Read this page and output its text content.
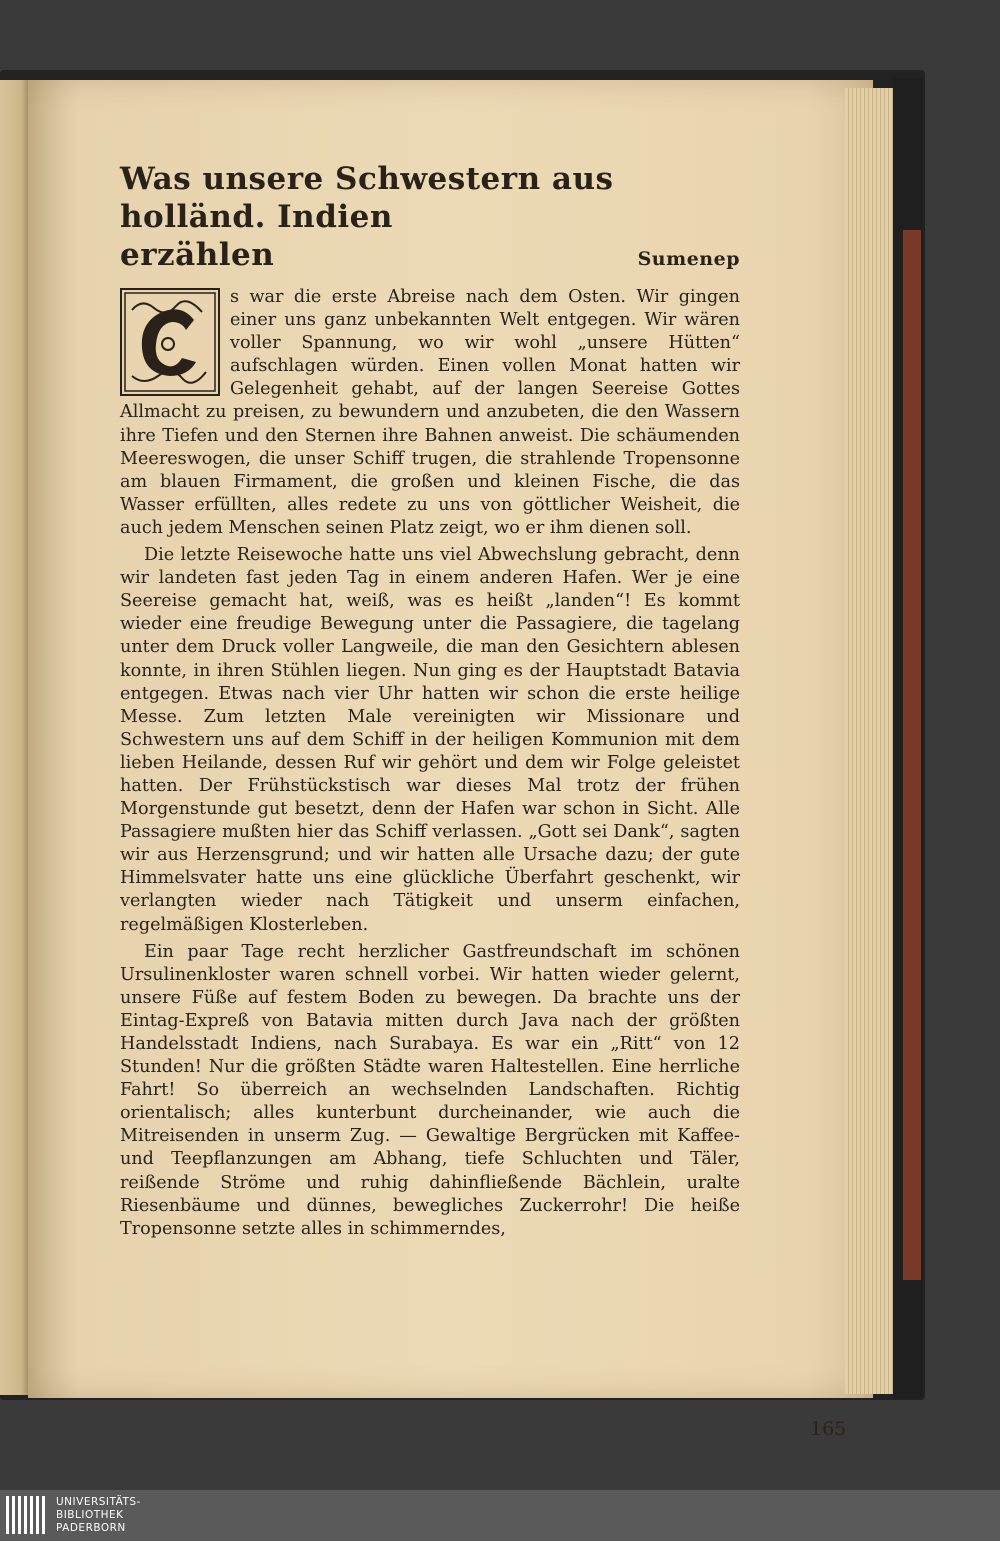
Was unsere Schwestern aus holländ. Indien
erzählen	Sumenep

s war die erste Abreise nach dem Osten. Wir gingen einer uns ganz unbekannten Welt entgegen. Wir wären voller Spannung, wo wir wohl „unsere Hütten“ aufschlagen würden. Einen vollen Monat hatten wir Gelegenheit gehabt, auf der langen Seereise Gottes Allmacht zu preisen, zu bewundern und anzubeten, die den Wassern ihre Tiefen und den Sternen ihre Bahnen anweist. Die schäumenden Meereswogen, die unser Schiff trugen, die strahlende Tropensonne am blauen Firmament, die großen und kleinen Fische, die das Wasser erfüllten, alles redete zu uns von göttlicher Weisheit, die auch jedem Menschen seinen Platz zeigt, wo er ihm dienen soll.

Die letzte Reisewoche hatte uns viel Abwechslung gebracht, denn wir landeten fast jeden Tag in einem anderen Hafen. Wer je eine Seereise gemacht hat, weiß, was es heißt „landen“! Es kommt wieder eine freudige Bewegung unter die Passagiere, die tagelang unter dem Druck voller Langweile, die man den Gesichtern ablesen konnte, in ihren Stühlen liegen. Nun ging es der Hauptstadt Batavia entgegen. Etwas nach vier Uhr hatten wir schon die erste heilige Messe. Zum letzten Male vereinigten wir Missionare und Schwestern uns auf dem Schiff in der heiligen Kommunion mit dem lieben Heilande, dessen Ruf wir gehört und dem wir Folge geleistet hatten. Der Frühstückstisch war dieses Mal trotz der frühen Morgenstunde gut besetzt, denn der Hafen war schon in Sicht. Alle Passagiere mußten hier das Schiff verlassen. „Gott sei Dank“, sagten wir aus Herzensgrund; und wir hatten alle Ursache dazu; der gute Himmelsvater hatte uns eine glückliche Überfahrt geschenkt, wir verlangten wieder nach Tätigkeit und unserm einfachen, regelmäßigen Klosterleben.

Ein paar Tage recht herzlicher Gastfreundschaft im schönen Ursulinenkloster waren schnell vorbei. Wir hatten wieder gelernt, unsere Füße auf festem Boden zu bewegen. Da brachte uns der Eintag-Expreß von Batavia mitten durch Java nach der größten Handelsstadt Indiens, nach Surabaya. Es war ein „Ritt“ von 12 Stunden! Nur die größten Städte waren Haltestellen. Eine herrliche Fahrt! So überreich an wechselnden Landschaften. Richtig orientalisch; alles kunterbunt durcheinander, wie auch die Mitreisenden in unserm Zug. — Gewaltige Bergrücken mit Kaffee- und Teepflanzungen am Abhang, tiefe Schluchten und Täler, reißende Ströme und ruhig dahinfließende Bächlein, uralte Riesenbäume und dünnes, bewegliches Zuckerrohr! Die heiße Tropensonne setzte alles in schimmerndes,

165
UNIVERSITÄTS-
BIBLIOTHEK
PADERBORN
